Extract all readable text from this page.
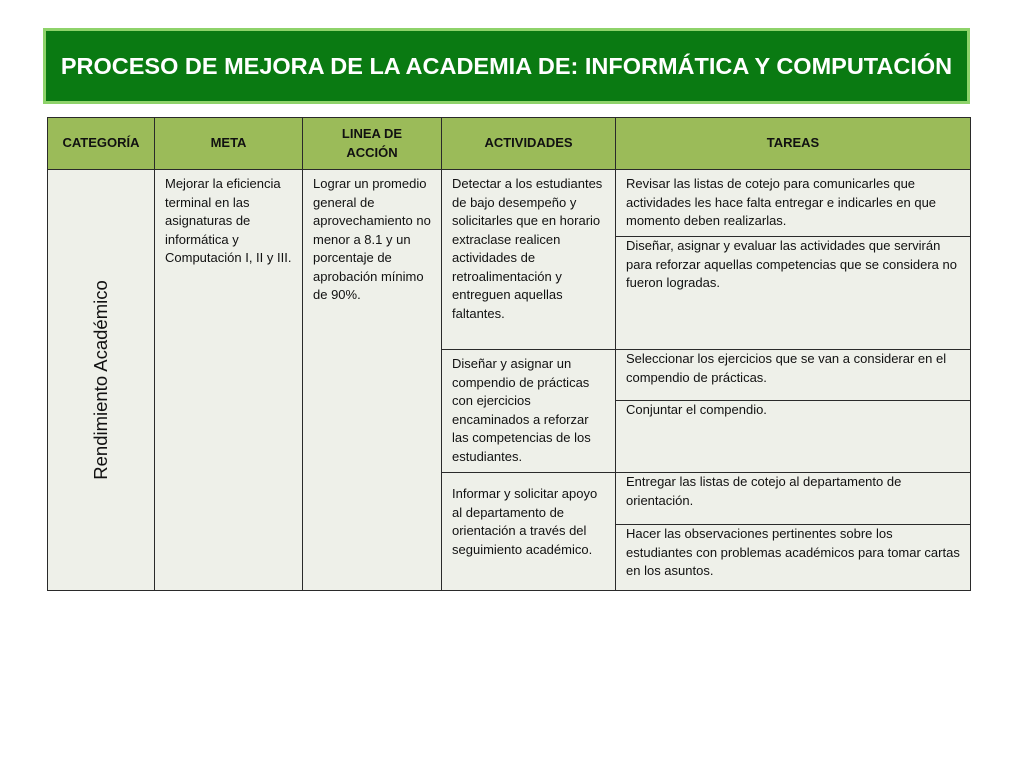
PROCESO DE MEJORA DE LA ACADEMIA DE: INFORMÁTICA Y COMPUTACIÓN
CATEGORÍA	META	LINEA DE ACCIÓN	ACTIVIDADES	TAREAS

Rendimiento Académico	Mejorar la eficiencia terminal en las asignaturas de informática y Computación I, II y III.	Lograr un promedio general de aprovechamiento no menor a 8.1 y un porcentaje de aprobación mínimo de 90%.	Detectar a los estudiantes de bajo desempeño y solicitarles que en horario extraclase realicen actividades de retroalimentación y entreguen aquellas faltantes.	Revisar las listas de cotejo para comunicarles que actividades les hace falta entregar e indicarles en que momento deben realizarlas.
				Diseñar, asignar y evaluar las actividades que servirán para reforzar aquellas competencias que se considera no fueron logradas.
			Diseñar y asignar un compendio de prácticas con ejercicios encaminados a reforzar las competencias de los estudiantes.	Seleccionar los ejercicios que se van a considerar en el compendio de prácticas.
				Conjuntar el compendio.
			Informar y solicitar apoyo al departamento de orientación a través del seguimiento académico.	Entregar las listas de cotejo al departamento de orientación.
				Hacer las observaciones pertinentes sobre los estudiantes con problemas académicos para tomar cartas en los asuntos.
